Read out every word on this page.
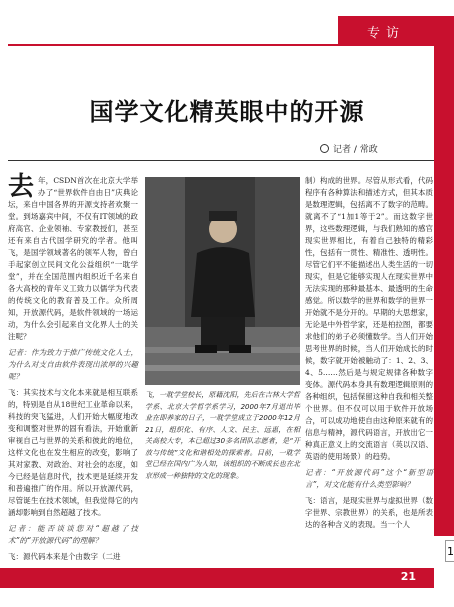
专访
1
国学文化精英眼中的开源
记者 / 常政

去年，CSDN首次在北京大学举办了“世界软件自由日”庆典论坛，来自中国各界的开源支持者欢聚一堂。到场嘉宾中间，不仅有IT领域的政府高官、企业领袖、专家教授们，甚至还有来自古代国学研究的学者。他叫飞，是国学领域著名的领军人物，曾白手起家创立民间文化公益组织“一耽学堂”，并在全国范围内组织近千名来自各大高校的青年义工致力以儒学为代表的传统文化的教育普及工作。众所周知，开放源代码，是软件领域的一场运动，为什么会引起来自文化界人士的关注呢？

记者：作为致力于推广传统文化人士，为什么对支自由软件表现出浓厚的兴趣呢？

飞：其实技术与文化本来就是相互联系的，特别是自从18世纪工业革命以来，科技的突飞猛进，人们开始大幅度地改变和调整对世界的固有看法，开始重新审视自己与世界的关系和彼此的地位，这样文化也在发生相应的改变，影响了其对家教、对政治、对社会的态度，如今已经是信息时代，技术更是延续开发和普遍推广的作用。所以开放源代码，尽管诞生在技术领域，但我觉得它的内涵却影响到自然超越了技术。

记者：能否谈谈您对“超越了技术”的“开放源代码”的理解？

飞：源代码本来是个由数字（二进

飞，一耽学堂校长，原籍沈阳，先后在吉林大学哲学系、北京大学哲学系学习，2000年7月退出毕业在即养家的日子，一耽学堂成立于2000年12月21日，组织化、有序、人文、民主、远惠，在相关高校大专，本已超过30多名团队志愿者，是“开放与传统”文化和谐相处的探索者。目前，一耽学堂已经在国内广为人知，该组织的不断成长也在北京形成一种独特的文化的现象。

制）构成的世界。尽管从形式看，代码程序有各种算法和描述方式，但其本质是数理逻辑，包括离不了数字的范畴。就离不了“1加1等于2”。而这数字世界，这些数理逻辑，与我们熟知的感官现实世界相比，有着自己独特的精彩性，包括有一贯性、精准性、透明性。尽管它们平不能描述出人类生活的一切现实，但是它能够实现人在现实世界中无法实现的那种最基本、最透明的生命感觉。所以数学的世界和数学的世界一开始就不是分开的。早期的大思想家，无论是中外哲学家，还是柏拉图，都要求他们的弟子必须懂数学。当人们开始思考世界的时候，当人们开始成长的时候，数字就开始被触动了：1、2、3、4、5……然后是与规定规律各种数字变体。源代码本身具有数理逻辑原则的各种组织，包括保留这种自我和相关整个世界。但不仅可以用于软件开放场合，可以成功地使自由这种原来就有的信息与精神，源代码语言，开放出它一种真正意义上的交流语言（英以汉语、英语的使用场景）的趋势。

记者：“开放源代码”这个“新型语言”，对文化能有什么类型影响？

飞：语言，是现实世界与虚拟世界（数字世界、宗教世界）的关系，也是所表达的各种含义的表现。当一个人

21
